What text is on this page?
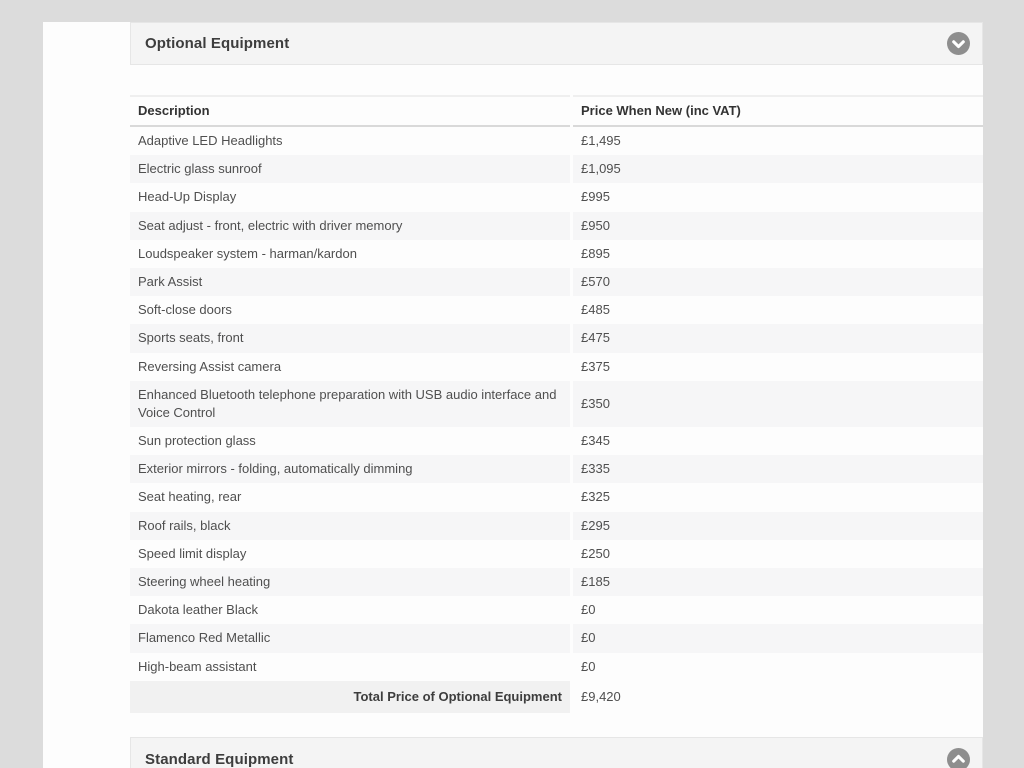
Optional Equipment
Description	Price When New (inc VAT)
Adaptive LED Headlights	£1,495
Electric glass sunroof	£1,095
Head-Up Display	£995
Seat adjust - front, electric with driver memory	£950
Loudspeaker system - harman/kardon	£895
Park Assist	£570
Soft-close doors	£485
Sports seats, front	£475
Reversing Assist camera	£375
Enhanced Bluetooth telephone preparation with USB audio interface and Voice Control	£350
Sun protection glass	£345
Exterior mirrors - folding, automatically dimming	£335
Seat heating, rear	£325
Roof rails, black	£295
Speed limit display	£250
Steering wheel heating	£185
Dakota leather Black	£0
Flamenco Red Metallic	£0
High-beam assistant	£0
Total Price of Optional Equipment	£9,420
Standard Equipment
